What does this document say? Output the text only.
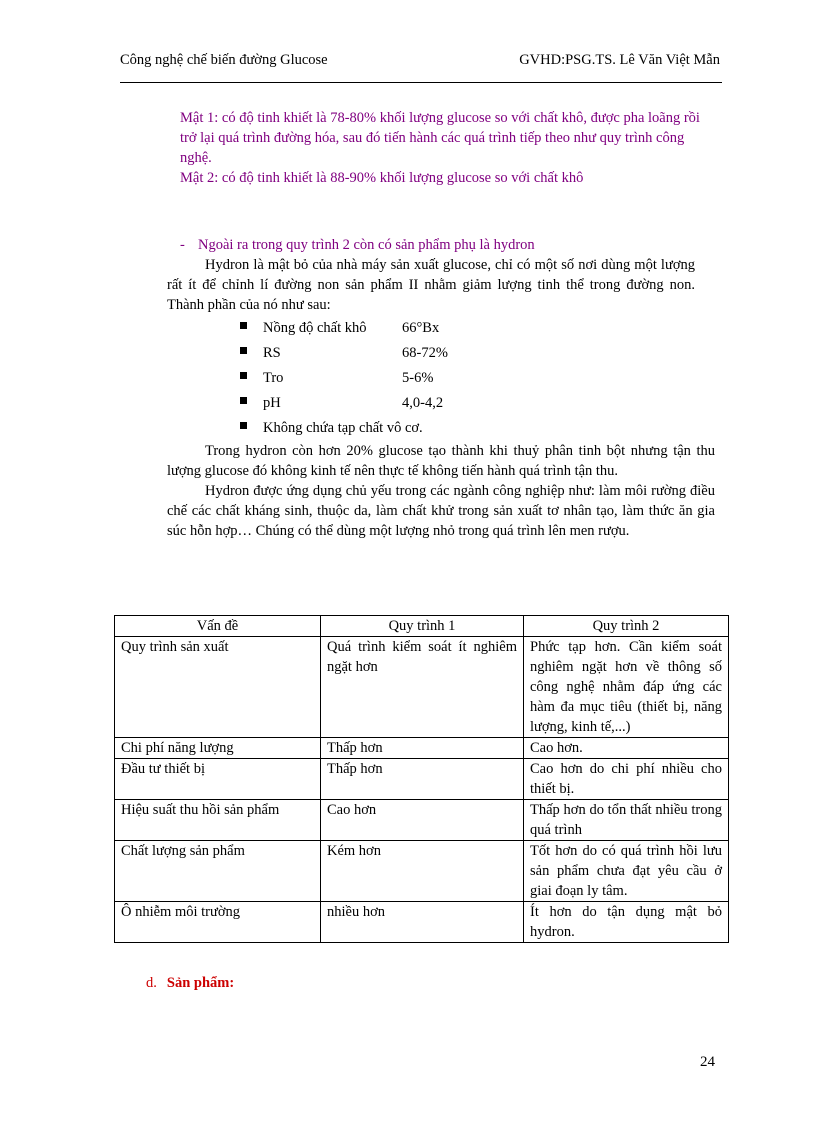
Công nghệ chế biến đường Glucose	GVHD:PSG.TS. Lê Văn Việt Mẫn

Mật 1: có độ tinh khiết là 78-80% khối lượng glucose so với chất khô, được pha loãng rồi trở lại quá trình đường hóa, sau đó tiến hành các quá trình tiếp theo như quy trình công nghệ.

Mật 2: có độ tinh khiết là 88-90% khối lượng glucose so với chất khô

- Ngoài ra trong quy trình 2 còn có sản phẩm phụ là hydron

Hydron là mật bỏ của nhà máy sản xuất glucose, chỉ có một số nơi dùng một lượng rất ít để chỉnh lí đường non sản phẩm II nhằm giảm lượng tinh thể trong đường non. Thành phần của nó như sau:

Nồng độ chất khô 66°Bx
RS	68-72%
Tro	5-6%
pH	4,0-4,2
Không chứa tạp chất vô cơ.

Trong hydron còn hơn 20% glucose tạo thành khi thuỷ phân tinh bột nhưng tận thu lượng glucose đó không kinh tế nên thực tế không tiến hành quá trình tận thu.

Hydron được ứng dụng chủ yếu trong các ngành công nghiệp như: làm môi rường điều chế các chất kháng sinh, thuộc da, làm chất khử trong sản xuất tơ nhân tạo, làm thức ăn gia súc hỗn hợp… Chúng có thể dùng một lượng nhỏ trong quá trình lên men rượu.

Vấn đề	Quy trình 1	Quy trình 2
Quy trình sản xuất	Quá trình kiểm soát ít nghiêm ngặt hơn	Phức tạp hơn. Cần kiểm soát nghiêm ngặt hơn về thông số công nghệ nhằm đáp ứng các hàm đa mục tiêu (thiết bị, năng lượng, kinh tế,...)
Chi phí năng lượng	Thấp hơn	Cao hơn.
Đầu tư thiết bị	Thấp hơn	Cao hơn do chi phí nhiều cho thiết bị.
Hiệu suất thu hồi sản phẩm	Cao hơn	Thấp hơn do tổn thất nhiều trong quá trình
Chất lượng sản phẩm	Kém hơn	Tốt hơn do có quá trình hồi lưu sản phẩm chưa đạt yêu cầu ở giai đoạn ly tâm.
Ô nhiễm môi trường	nhiều hơn	Ít hơn do tận dụng mật bỏ hydron.
d. Sản phẩm:
24
